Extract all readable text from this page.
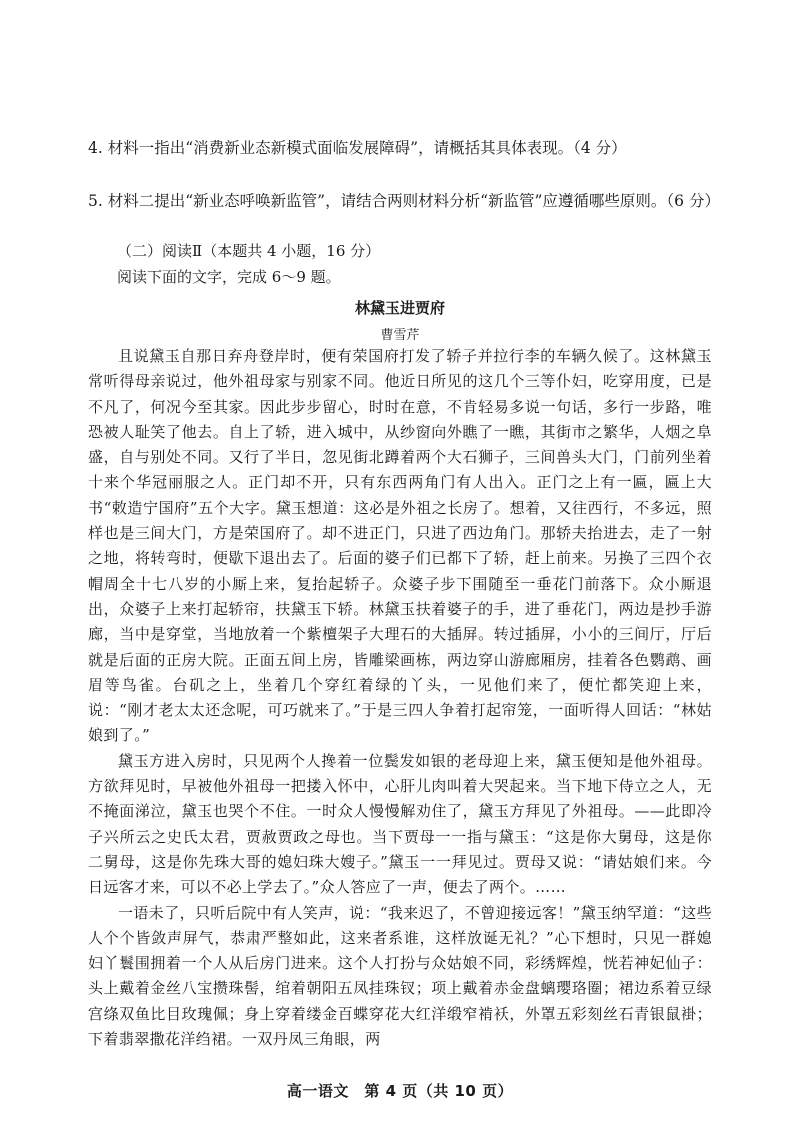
4. 材料一指出“消费新业态新模式面临发展障碍”，请概括其具体表现。（4 分）
5. 材料二提出“新业态呼唤新监管”，请结合两则材料分析“新监管”应遵循哪些原则。（6 分）
（二）阅读Ⅱ（本题共 4 小题，16 分）
阅读下面的文字，完成 6～9 题。
林黛玉进贾府
曹雪芹

且说黛玉自那日弃舟登岸时，便有荣国府打发了轿子并拉行李的车辆久候了。这林黛玉常听得母亲说过，他外祖母家与别家不同。他近日所见的这几个三等仆妇，吃穿用度，已是不凡了，何况今至其家。因此步步留心，时时在意，不肯轻易多说一句话，多行一步路，唯恐被人耻笑了他去。自上了轿，进入城中，从纱窗向外瞧了一瞧，其街市之繁华，人烟之阜盛，自与别处不同。又行了半日，忽见街北蹲着两个大石狮子，三间兽头大门，门前列坐着十来个华冠丽服之人。正门却不开，只有东西两角门有人出入。正门之上有一匾，匾上大书“敕造宁国府”五个大字。黛玉想道：这必是外祖之长房了。想着，又往西行，不多远，照样也是三间大门，方是荣国府了。却不进正门，只进了西边角门。那轿夫抬进去，走了一射之地，将转弯时，便歇下退出去了。后面的婆子们已都下了轿，赶上前来。另换了三四个衣帽周全十七八岁的小厮上来，复抬起轿子。众婆子步下围随至一垂花门前落下。众小厮退出，众婆子上来打起轿帘，扶黛玉下轿。林黛玉扶着婆子的手，进了垂花门，两边是抄手游廊，当中是穿堂，当地放着一个紫檀架子大理石的大插屏。转过插屏，小小的三间厅，厅后就是后面的正房大院。正面五间上房，皆雕梁画栋，两边穿山游廊厢房，挂着各色鹦鹉、画眉等鸟雀。台矶之上，坐着几个穿红着绿的丫头，一见他们来了，便忙都笑迎上来，说：“刚才老太太还念呢，可巧就来了。”于是三四人争着打起帘笼，一面听得人回话：“林姑娘到了。”

黛玉方进入房时，只见两个人搀着一位鬓发如银的老母迎上来，黛玉便知是他外祖母。方欲拜见时，早被他外祖母一把搂入怀中，心肝儿肉叫着大哭起来。当下地下侍立之人，无不掩面涕泣，黛玉也哭个不住。一时众人慢慢解劝住了，黛玉方拜见了外祖母。——此即冷子兴所云之史氏太君，贾赦贾政之母也。当下贾母一一指与黛玉：“这是你大舅母，这是你二舅母，这是你先珠大哥的媳妇珠大嫂子。”黛玉一一拜见过。贾母又说：“请姑娘们来。今日远客才来，可以不必上学去了。”众人答应了一声，便去了两个。……

一语未了，只听后院中有人笑声，说：“我来迟了，不曾迎接远客！”黛玉纳罕道：“这些人个个皆敛声屏气，恭肃严整如此，这来者系谁，这样放诞无礼？”心下想时，只见一群媳妇丫鬟围拥着一个人从后房门进来。这个人打扮与众姑娘不同，彩绣辉煌，恍若神妃仙子：头上戴着金丝八宝攒珠髻，绾着朝阳五凤挂珠钗；项上戴着赤金盘螭璎珞圈；裙边系着豆绿宫绦双鱼比目玫瑰佩；身上穿着缕金百蝶穿花大红洋缎窄褃袄，外罩五彩刻丝石青银鼠褂；下着翡翠撒花洋绉裙。一双丹凤三角眼，两

高一语文　第 4 页（共 10 页）
